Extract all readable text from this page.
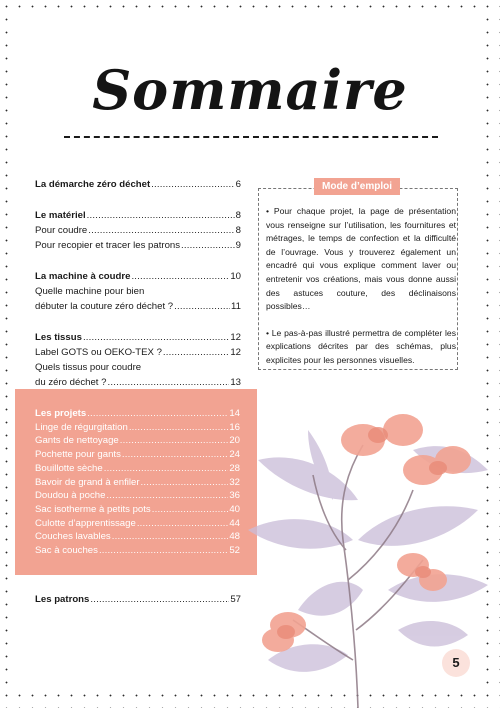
Sommaire
La démarche zéro déchet .....	6
Le matériel .....	8
Pour coudre .....	8
Pour recopier et tracer les patrons .....	9
La machine à coudre .....	10
Quelle machine pour bien
débuter la couture zéro déchet ? .....	11
Les tissus .....	12
Label GOTS ou OEKO-TEX ? .....	12
Quels tissus pour coudre
du zéro déchet ? .....	13
Mode d’emploi

• Pour chaque projet, la page de présentation vous renseigne sur l’utilisation, les fournitures et métrages, le temps de confection et la difficulté de l’ouvrage. Vous y trouverez également un encadré qui vous explique comment laver ou entretenir vos créations, mais vous donne aussi des astuces couture, des déclinaisons possibles…

• Le pas-à-pas illustré permettra de compléter les explications décrites par des schémas, plus explicites pour les personnes visuelles.

Les projets .....	14
Linge de régurgitation .....	16
Gants de nettoyage .....	20
Pochette pour gants .....	24
Bouillotte sèche .....	28
Bavoir de grand à enfiler .....	32
Doudou à poche .....	36
Sac isotherme à petits pots .....	40
Culotte d’apprentissage .....	44
Couches lavables .....	48
Sac à couches .....	52
Les patrons .....	57
5
